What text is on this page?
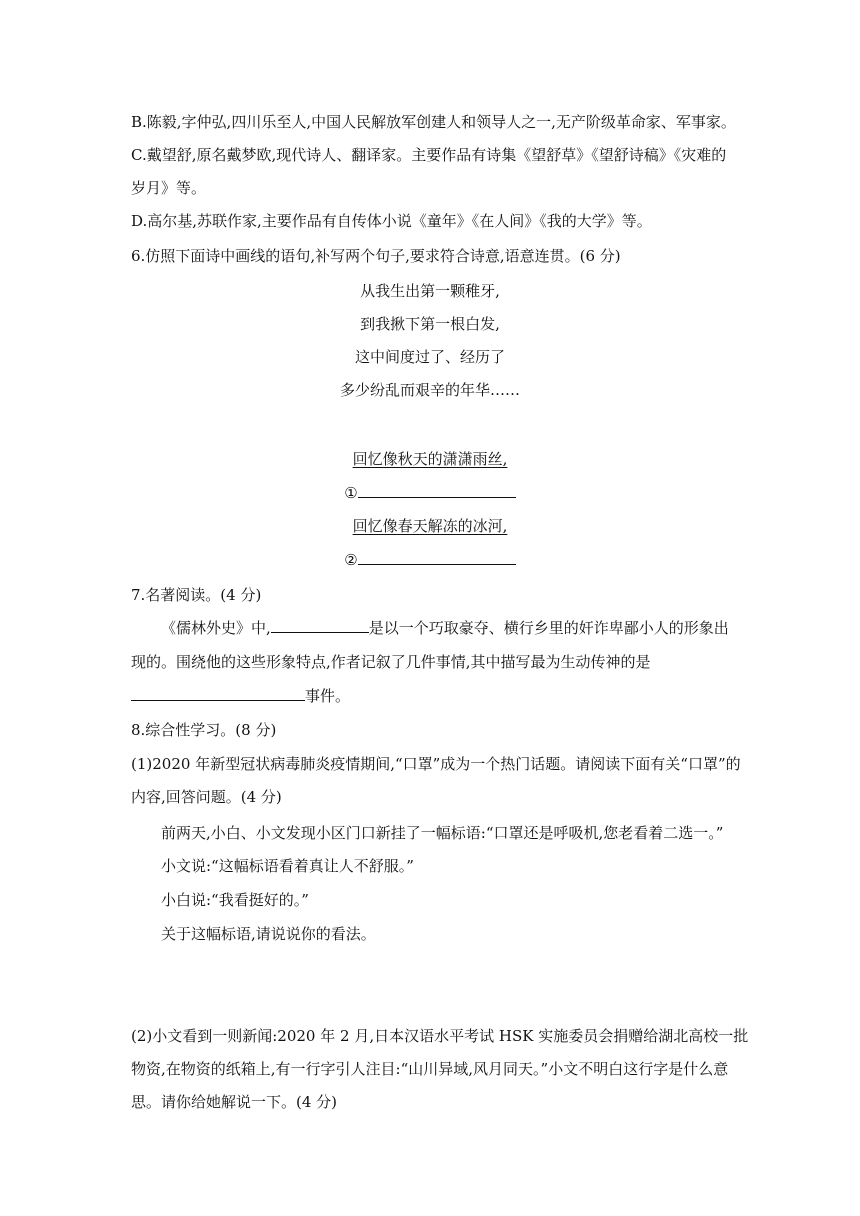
B.陈毅,字仲弘,四川乐至人,中国人民解放军创建人和领导人之一,无产阶级革命家、军事家。
C.戴望舒,原名戴梦欧,现代诗人、翻译家。主要作品有诗集《望舒草》《望舒诗稿》《灾难的
岁月》等。
D.高尔基,苏联作家,主要作品有自传体小说《童年》《在人间》《我的大学》等。
6.仿照下面诗中画线的语句,补写两个句子,要求符合诗意,语意连贯。(6 分)
从我生出第一颗稚牙,
到我揪下第一根白发,
这中间度过了、经历了
多少纷乱而艰辛的年华……
回忆像秋天的潇潇雨丝,
①
回忆像春天解冻的冰河,
②
7.名著阅读。(4 分)
《儒林外史》中,	是以一个巧取豪夺、横行乡里的奸诈卑鄙小人的形象出
现的。围绕他的这些形象特点,作者记叙了几件事情,其中描写最为生动传神的是
事件。
8.综合性学习。(8 分)
(1)2020 年新型冠状病毒肺炎疫情期间,“口罩”成为一个热门话题。请阅读下面有关“口罩”的
内容,回答问题。(4 分)
前两天,小白、小文发现小区门口新挂了一幅标语:“口罩还是呼吸机,您老看着二选一。”
小文说:“这幅标语看着真让人不舒服。”
小白说:“我看挺好的。”
关于这幅标语,请说说你的看法。
(2)小文看到一则新闻:2020 年 2 月,日本汉语水平考试 HSK 实施委员会捐赠给湖北高校一批
物资,在物资的纸箱上,有一行字引人注目:“山川异域,风月同天。”小文不明白这行字是什么意
思。请你给她解说一下。(4 分)
